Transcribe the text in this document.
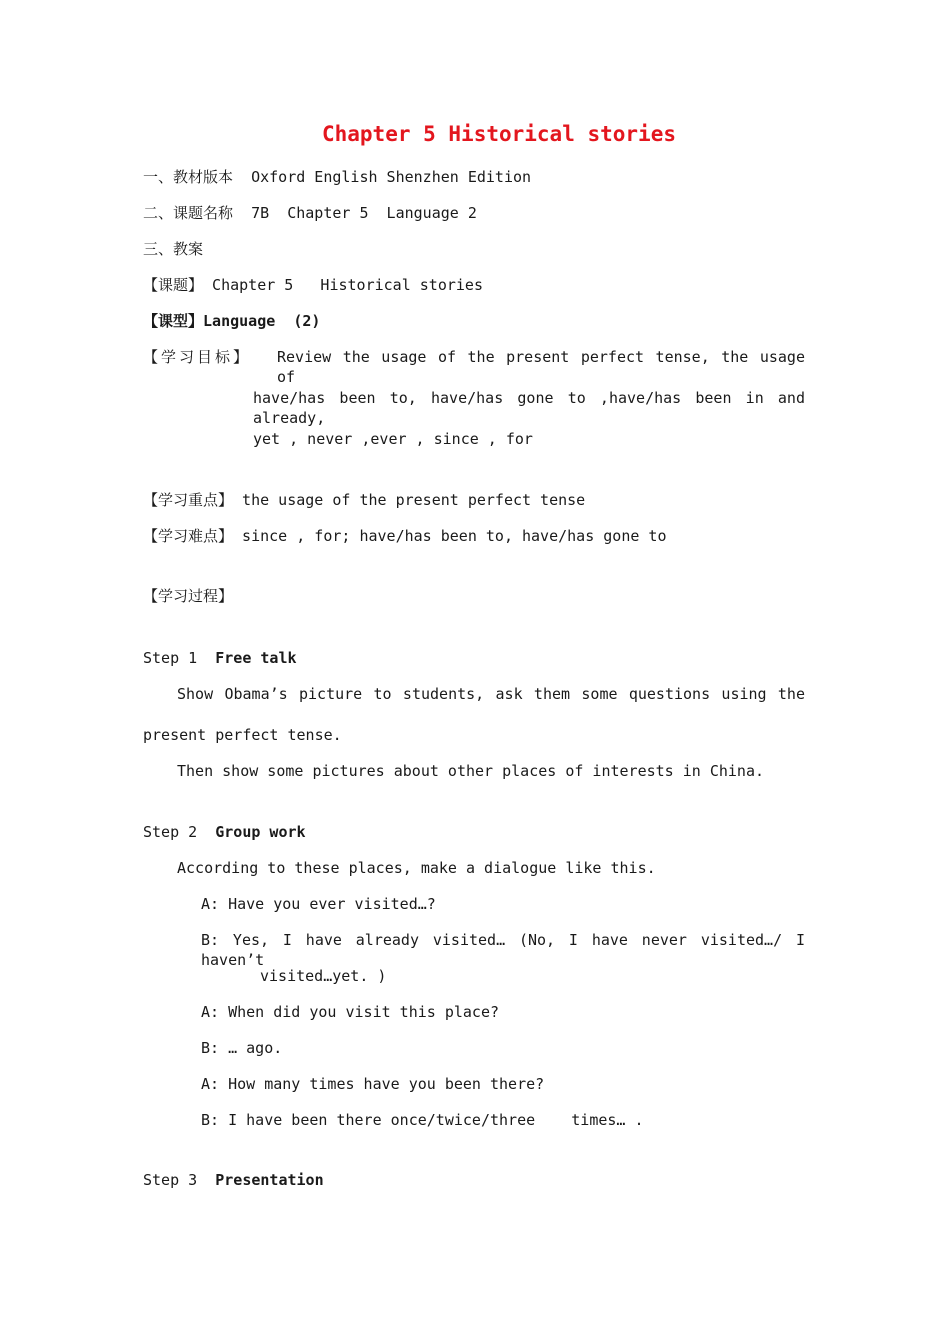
Chapter 5 Historical stories
一、教材版本 Oxford English Shenzhen Edition
二、课题名称 7B  Chapter 5  Language 2
三、教案
【课题】 Chapter 5   Historical stories
【课型】Language  (2)
【学习目标】 Review the usage of the present perfect tense, the usage of
have/has been to, have/has gone to ,have/has been in and already,
yet , never ,ever , since , for
【学习重点】 the usage of the present perfect tense
【学习难点】 since , for; have/has been to, have/has gone to
【学习过程】
Step 1  Free talk
Show Obama’s picture to students, ask them some questions using the
present perfect tense.
Then show some pictures about other places of interests in China.
Step 2  Group work
According to these places, make a dialogue like this.
A: Have you ever visited…?
B: Yes, I have already visited… (No, I have never visited…/ I haven’t
visited…yet. )
A: When did you visit this place?
B: … ago.
A: How many times have you been there?
B: I have been there once/twice/three    times… .
Step 3  Presentation
